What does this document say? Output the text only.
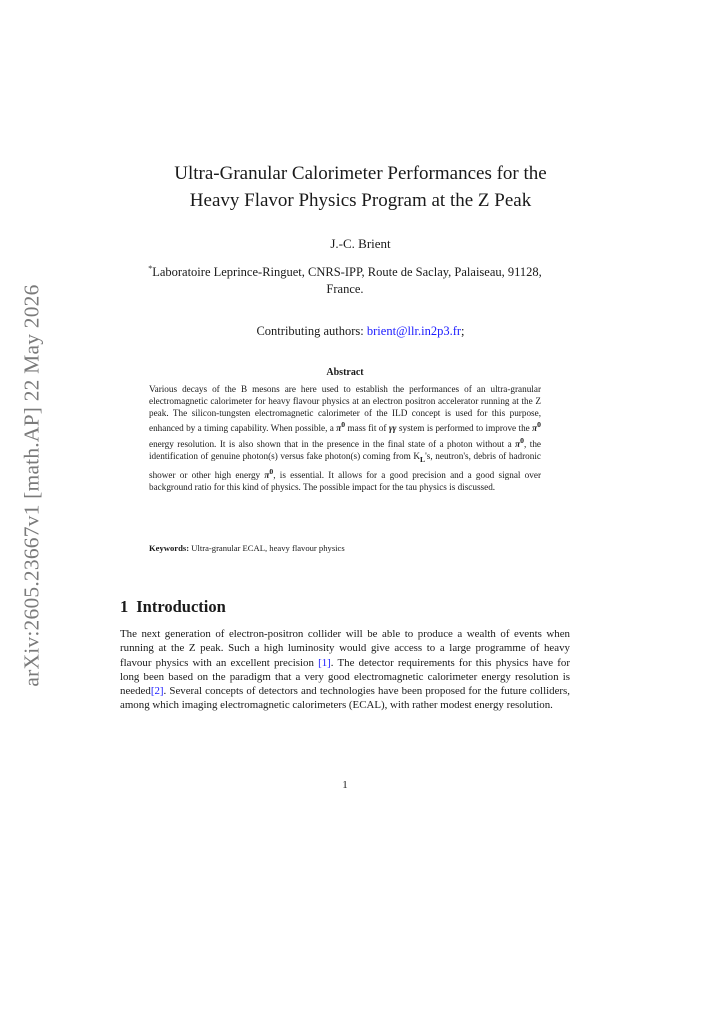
arXiv:2605.23667v1 [math.AP] 22 May 2026
Ultra-Granular Calorimeter Performances for the
Heavy Flavor Physics Program at the Z Peak
J.-C. Brient
*Laboratoire Leprince-Ringuet, CNRS-IPP, Route de Saclay, Palaiseau, 91128, France.
Contributing authors: brient@llr.in2p3.fr;
Abstract
Various decays of the B mesons are here used to establish the performances of an ultra-granular electromagnetic calorimeter for heavy flavour physics at an electron positron accelerator running at the Z peak. The silicon-tungsten electromagnetic calorimeter of the ILD concept is used for this purpose, enhanced by a timing capability. When possible, a $\pi^0$ mass fit of γγ system is performed to improve the $\pi^0$ energy resolution. It is also shown that in the presence in the final state of a photon without a $\pi^0$, the identification of genuine photon(s) versus fake photon(s) coming from $K_L's$, neutron's, debris of hadronic shower or other high energy $\pi^0$, is essential. It allows for a good precision and a good signal over background ratio for this kind of physics. The possible impact for the tau physics is discussed.
Keywords: Ultra-granular ECAL, heavy flavour physics
1 Introduction
The next generation of electron-positron collider will be able to produce a wealth of events when running at the Z peak. Such a high luminosity would give access to a large programme of heavy flavour physics with an excellent precision [1]. The detector requirements for this physics have for long been based on the paradigm that a very good electromagnetic calorimeter energy resolution is needed[2]. Several concepts of detectors and technologies have been proposed for the future colliders, among which imaging electromagnetic calorimeters (ECAL), with rather modest energy resolution.
1
